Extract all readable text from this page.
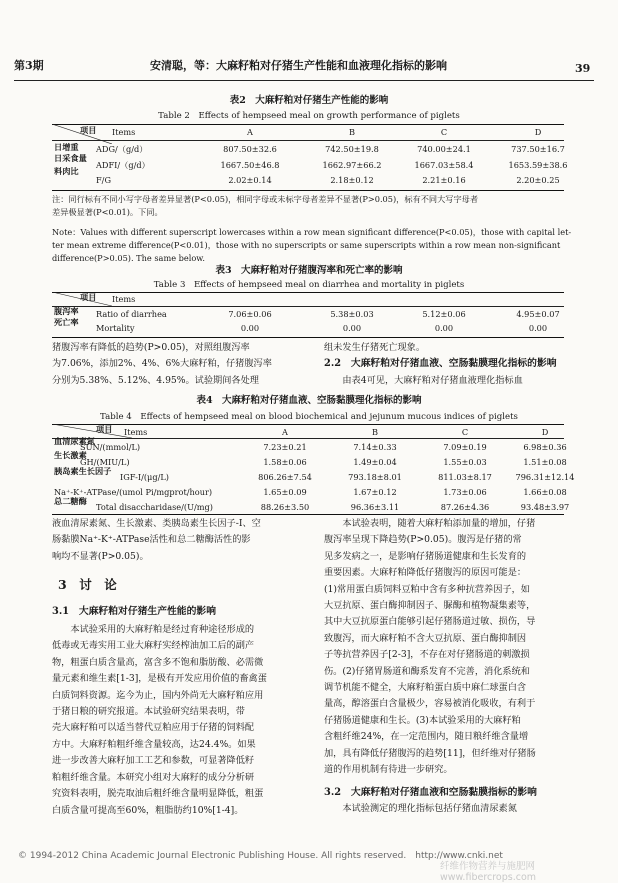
第3期	安清聪，等：大麻籽粕对仔猪生产性能和血液理化指标的影响	39
表2　大麻籽粕对仔猪生产性能的影响
Table 2　Effects of hempseed meal on growth performance of piglets
项目 Items	A	B	C	D
日增重 ADG/（g/d）	807.50±32.6	742.50±19.8	740.00±24.1	737.50±16.7
日采食量
ADFI/（g/d）	1667.50±46.8	1662.97±66.2	1667.03±58.4	1653.59±38.6
料肉比
F/G	2.02±0.14	2.18±0.12	2.21±0.16	2.20±0.25
注：同行标有不同小写字母者差异显著(P<0.05)，相同字母或未标字母者差异不显著(P>0.05)，标有不同大写字母者
差异极显著(P<0.01)。下同。
Note：Values with different superscript lowercases within a row mean significant difference(P<0.05)，those with capital let-
ter mean extreme difference(P<0.01)，those with no superscripts or same superscripts within a row mean non-significant
difference(P>0.05). The same below.
表3　大麻籽粕对仔猪腹泻率和死亡率的影响
Table 3　Effects of hempseed meal on diarrhea and mortality in piglets
项目 Items
腹泻率 Ratio of diarrhea	7.06±0.06	5.38±0.03	5.12±0.06	4.95±0.07
死亡率
Mortality	0.00	0.00	0.00	0.00
猪腹泻率有降低的趋势(P>0.05)，对照组腹泻率
为7.06%，添加2%、4%、6%大麻籽粕，仔猪腹泻率
分别为5.38%、5.12%、4.95%。试验期间各处理
组未发生仔猪死亡现象。
2.2　大麻籽粕对仔猪血液、空肠黏膜理化指标的影响
　　由表4可见，大麻籽粕对仔猪血液理化指标血
表4　大麻籽粕对仔猪血液、空肠黏膜理化指标的影响
Table 4　Effects of hempseed meal on blood biochemical and jejunum mucous indices of piglets
项目 Items	A	B	C	D
血清尿素氮
SUN/(mmol/L)	7.23±0.21	7.14±0.33	7.09±0.19	6.98±0.36
生长激素
GH/(MIU/L)	1.58±0.06	1.49±0.04	1.55±0.03	1.51±0.08
胰岛素生长因子
IGF-Ⅰ/(μg/L)	806.26±7.54	793.18±8.01	811.03±8.17	796.31±12.14
Na⁺-K⁺-ATPase/(umol Pi/mgprot/hour)	1.65±0.09	1.67±0.12	1.73±0.06	1.66±0.08
总二糖酶
Total disaccharidase/(U/mg)	88.26±3.50	96.36±3.11	87.26±4.36	93.48±3.97
液血清尿素氮、生长激素、类胰岛素生长因子-Ⅰ、空
肠黏膜Na⁺-K⁺-ATPase活性和总二糖酶活性的影
响均不显著(P>0.05)。
3　讨　论
3.1　大麻籽粕对仔猪生产性能的影响
　　本试验采用的大麻籽粕是经过育种途径形成的
低毒或无毒实用工业大麻籽实经榨油加工后的副产
物，粗蛋白质含量高，富含多不饱和脂肪酸、必需微
量元素和维生素[1-3]，是极有开发应用价值的畜禽蛋
白质饲料资源。迄今为止，国内外尚无大麻籽粕应用
于猪日粮的研究报道。本试验研究结果表明，带
壳大麻籽粕可以适当替代豆粕应用于仔猪的饲料配
方中。大麻籽粕粗纤维含量较高，达24.4%。如果
进一步改善大麻籽加工工艺和参数，可显著降低籽
粕粗纤维含量。本研究小组对大麻籽的成分分析研
究资料表明，脱壳取油后粗纤维含量明显降低，粗蛋
白质含量可提高至60%，粗脂肪约10%[1-4]。
　　本试验表明，随着大麻籽粕添加量的增加，仔猪
腹泻率呈现下降趋势(P>0.05)。腹泻是仔猪的常
见多发病之一，是影响仔猪肠道健康和生长发育的
重要因素。大麻籽粕降低仔猪腹泻的原因可能是：
(1)常用蛋白质饲料豆粕中含有多种抗营养因子，如
大豆抗原、蛋白酶抑制因子、脲酶和植物凝集素等，
其中大豆抗原蛋白能够引起仔猪肠道过敏、损伤，导
致腹泻，而大麻籽粕不含大豆抗原、蛋白酶抑制因
子等抗营养因子[2-3]，不存在对仔猪肠道的刺激损
伤。(2)仔猪胃肠道和酶系发育不完善，消化系统和
调节机能不健全，大麻籽粕蛋白质中麻仁球蛋白含
量高，醇溶蛋白含量极少，容易被消化吸收，有利于
仔猪肠道健康和生长。(3)本试验采用的大麻籽粕
含粗纤维24%，在一定范围内，随日粮纤维含量增
加，具有降低仔猪腹泻的趋势[11]，但纤维对仔猪肠
道的作用机制有待进一步研究。
3.2　大麻籽粕对仔猪血液和空肠黏膜指标的影响
　　本试验测定的理化指标包括仔猪血清尿素氮
© 1994-2012 China Academic Journal Electronic Publishing House. All rights reserved.　http://www.cnki.net
纤维作物营养与施肥网 www.fibercrops.com
